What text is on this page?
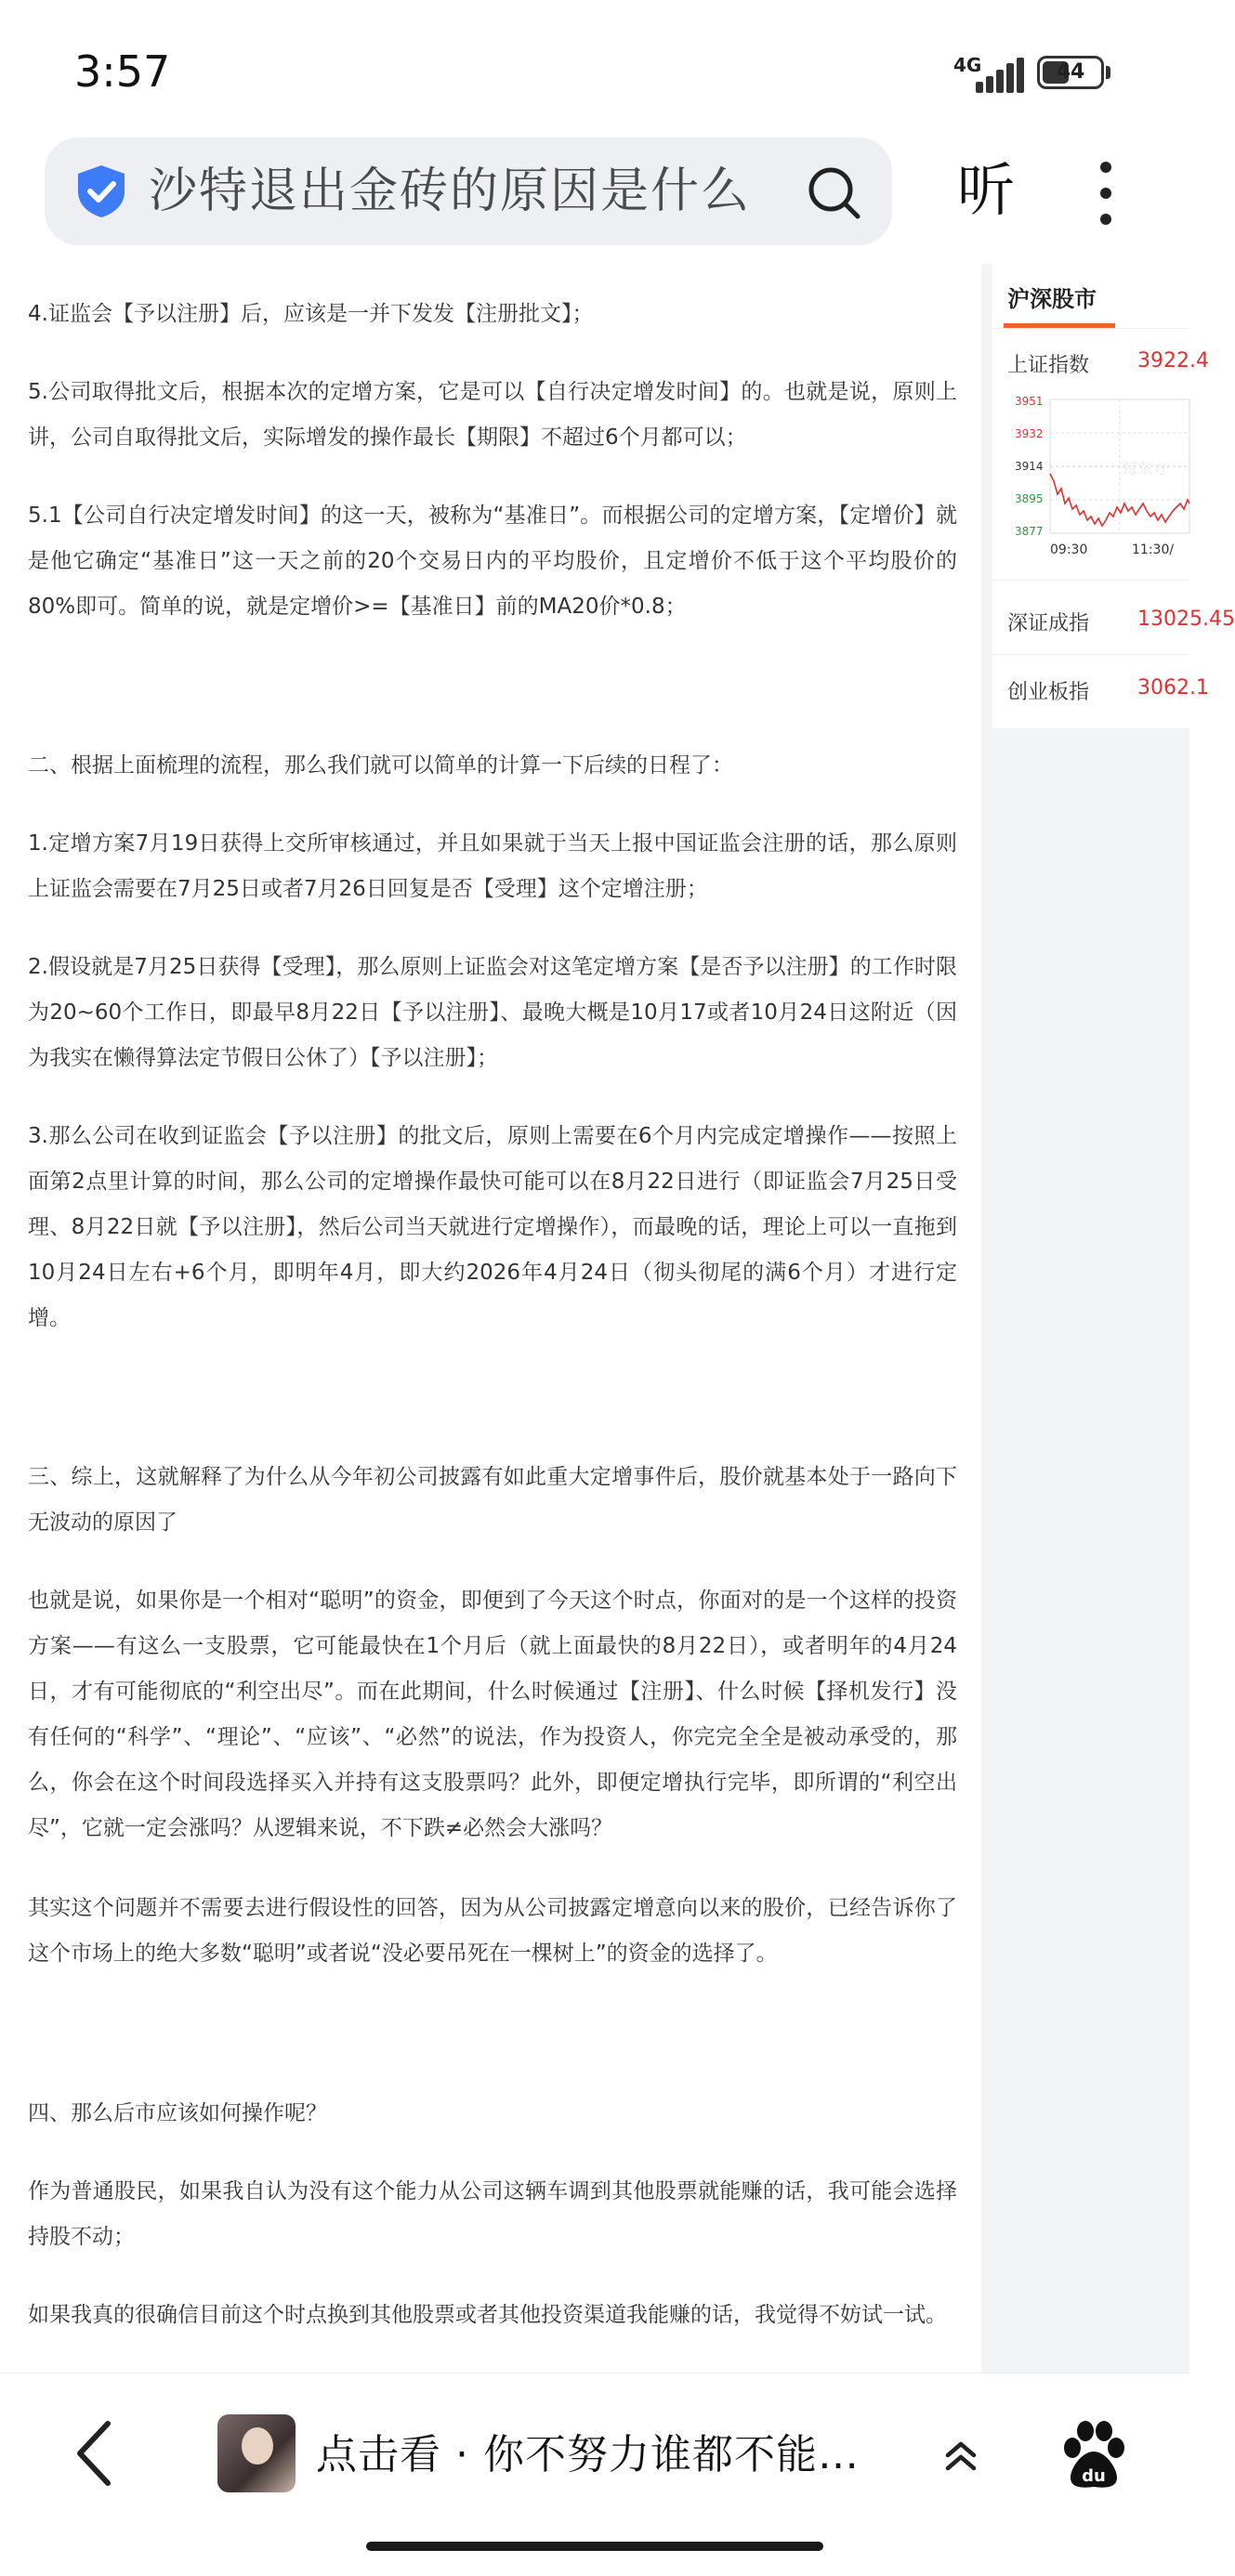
3:57	4G	44
沙特退出金砖的原因是什么	听

4.证监会【予以注册】后，应该是一并下发发【注册批文】；

5.公司取得批文后，根据本次的定增方案，它是可以【自行决定增发时间】的。也就是说，原则上讲，公司自取得批文后，实际增发的操作最长【期限】不超过6个月都可以；

5.1【公司自行决定增发时间】的这一天，被称为“基准日”。而根据公司的定增方案，【定增价】就是他它确定“基准日”这一天之前的20个交易日内的平均股价，且定增价不低于这个平均股价的80%即可。简单的说，就是定增价>=【基准日】前的MA20价*0.8；

二、根据上面梳理的流程，那么我们就可以简单的计算一下后续的日程了：

1.定增方案7月19日获得上交所审核通过，并且如果就于当天上报中国证监会注册的话，那么原则上证监会需要在7月25日或者7月26日回复是否【受理】这个定增注册；

2.假设就是7月25日获得【受理】，那么原则上证监会对这笔定增方案【是否予以注册】的工作时限为20~60个工作日，即最早8月22日【予以注册】、最晚大概是10月17或者10月24日这附近（因为我实在懒得算法定节假日公休了）【予以注册】；

3.那么公司在收到证监会【予以注册】的批文后，原则上需要在6个月内完成定增操作——按照上面第2点里计算的时间，那么公司的定增操作最快可能可以在8月22日进行（即证监会7月25日受理、8月22日就【予以注册】，然后公司当天就进行定增操作），而最晚的话，理论上可以一直拖到10月24日左右+6个月，即明年4月，即大约2026年4月24日（彻头彻尾的满6个月）才进行定增。

三、综上，这就解释了为什么从今年初公司披露有如此重大定增事件后，股价就基本处于一路向下无波动的原因了

也就是说，如果你是一个相对“聪明”的资金，即便到了今天这个时点，你面对的是一个这样的投资方案——有这么一支股票，它可能最快在1个月后（就上面最快的8月22日），或者明年的4月24日，才有可能彻底的“利空出尽”。而在此期间，什么时候通过【注册】、什么时候【择机发行】没有任何的“科学”、“理论”、“应该”、“必然”的说法，作为投资人，你完完全全是被动承受的，那么，你会在这个时间段选择买入并持有这支股票吗？此外，即便定增执行完毕，即所谓的“利空出尽”，它就一定会涨吗？从逻辑来说，不下跌≠必然会大涨吗？

其实这个问题并不需要去进行假设性的回答，因为从公司披露定增意向以来的股价，已经告诉你了这个市场上的绝大多数“聪明”或者说“没必要吊死在一棵树上”的资金的选择了。

四、那么后市应该如何操作呢？

作为普通股民，如果我自认为没有这个能力从公司这辆车调到其他股票就能赚的话，我可能会选择持股不动；

如果我真的很确信目前这个时点换到其他股票或者其他投资渠道我能赚的话，我觉得不妨试一试。

沪深股市
上证指数 3922.4
3951
3932
3914
3895
3877
每东方
09:30	11:30/
深证成指 13025.45
创业板指 3062.1
点击看 · 你不努力谁都不能…	du
